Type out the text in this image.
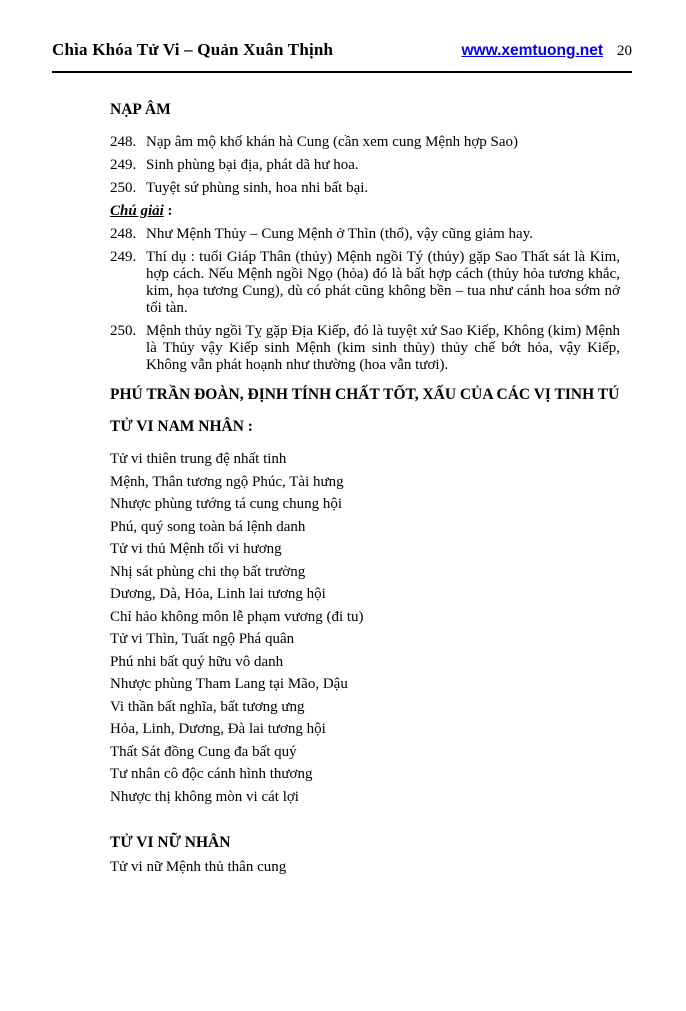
Chìa Khóa Tử Vi – Quản Xuân Thịnh	www.xemtuong.net 20
NẠP ÂM
248. Nạp âm mộ khố khán hà Cung (cần xem cung Mệnh hợp Sao)
249. Sinh phùng bại địa, phát dã hư hoa.
250. Tuyệt sứ phùng sinh, hoa nhi bất bại.
Chú giải :
248. Như Mệnh Thủy – Cung Mệnh ở Thìn (thổ), vậy cũng giảm hay.
249. Thí dụ : tuổi Giáp Thân (thủy) Mệnh ngồi Tý (thủy) gặp Sao Thất sát là Kim, hợp cách. Nếu Mệnh ngồi Ngọ (hỏa) đó là bất hợp cách (thủy hỏa tương khắc, kim, họa tương Cung), dù có phát cũng không bền – tua như cánh hoa sớm nở tối tàn.
250. Mệnh thủy ngồi Tỵ gặp Địa Kiếp, đó là tuyệt xứ Sao Kiếp, Không (kim) Mệnh là Thủy vậy Kiếp sinh Mệnh (kim sinh thủy) thủy chế bớt hỏa, vậy Kiếp, Không vẫn phát hoạnh như thường (hoa vẫn tươi).
PHÚ TRẦN ĐOÀN, ĐỊNH TÍNH CHẤT TỐT, XẤU CỦA CÁC VỊ TINH TÚ
TỬ VI NAM NHÂN :

Tử vi thiên trung đệ nhất tinh

Mệnh, Thân tương ngộ Phúc, Tài hưng

Nhược phùng tướng tá cung chung hội

Phú, quý song toàn bá lệnh danh

Tử vi thủ Mệnh tối vi hương

Nhị sát phùng chi thọ bất trường

Dương, Dà, Hỏa, Linh lai tương hội

Chỉ hảo không môn lễ phạm vương (đi tu)

Tử vi Thìn, Tuất ngộ Phá quân

Phú nhi bất quý hữu vô danh

Nhược phùng Tham Lang tại Mão, Dậu

Vi thần bất nghĩa, bất tương ưng

Hỏa, Linh, Dương, Đà lai tương hội

Thất Sát đồng Cung đa bất quý

Tư nhân cô độc cánh hình thương

Nhược thị không mòn vi cát lợi

TỬ VI NỮ NHÂN

Tử vi nữ Mệnh thủ thân cung
